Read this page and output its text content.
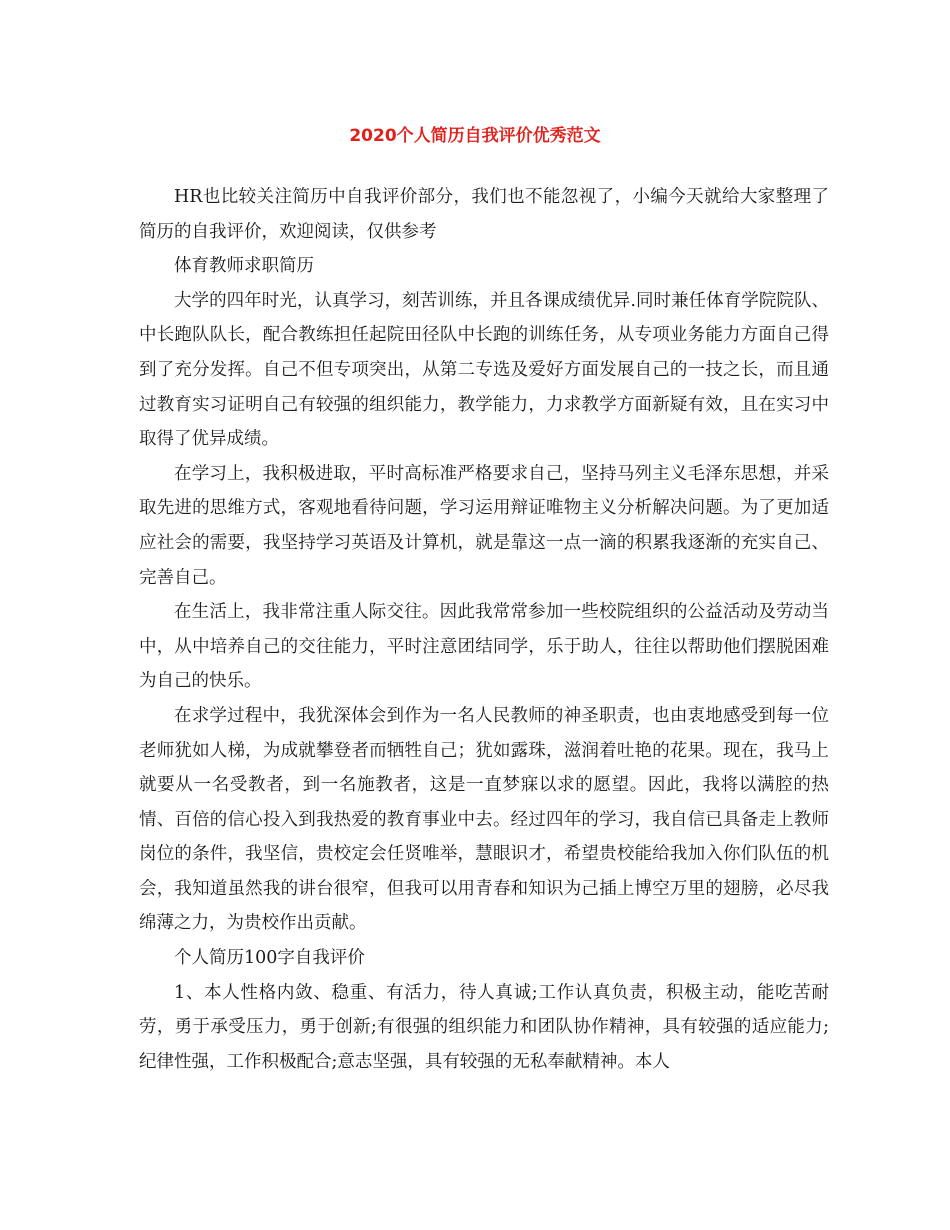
2020个人简历自我评价优秀范文

HR也比较关注简历中自我评价部分，我们也不能忽视了，小编今天就给大家整理了简历的自我评价，欢迎阅读，仅供参考

体育教师求职简历

大学的四年时光，认真学习，刻苦训练，并且各课成绩优异.同时兼任体育学院院队、中长跑队队长，配合教练担任起院田径队中长跑的训练任务，从专项业务能力方面自己得到了充分发挥。自己不但专项突出，从第二专选及爱好方面发展自己的一技之长，而且通过教育实习证明自己有较强的组织能力，教学能力，力求教学方面新疑有效，且在实习中取得了优异成绩。

在学习上，我积极进取，平时高标准严格要求自己，坚持马列主义毛泽东思想，并采取先进的思维方式，客观地看待问题，学习运用辩证唯物主义分析解决问题。为了更加适应社会的需要，我坚持学习英语及计算机，就是靠这一点一滴的积累我逐渐的充实自己、完善自己。

在生活上，我非常注重人际交往。因此我常常参加一些校院组织的公益活动及劳动当中，从中培养自己的交往能力，平时注意团结同学，乐于助人，往往以帮助他们摆脱困难为自己的快乐。

在求学过程中，我犹深体会到作为一名人民教师的神圣职责，也由衷地感受到每一位老师犹如人梯，为成就攀登者而牺牲自己；犹如露珠，滋润着吐艳的花果。现在，我马上就要从一名受教者，到一名施教者，这是一直梦寐以求的愿望。因此，我将以满腔的热情、百倍的信心投入到我热爱的教育事业中去。经过四年的学习，我自信已具备走上教师岗位的条件，我坚信，贵校定会任贤唯举，慧眼识才，希望贵校能给我加入你们队伍的机会，我知道虽然我的讲台很窄，但我可以用青春和知识为己插上博空万里的翅膀，必尽我绵薄之力，为贵校作出贡献。

个人简历100字自我评价

1、本人性格内敛、稳重、有活力，待人真诚;工作认真负责，积极主动，能吃苦耐劳，勇于承受压力，勇于创新;有很强的组织能力和团队协作精神，具有较强的适应能力;纪律性强，工作积极配合;意志坚强，具有较强的无私奉献精神。本人
